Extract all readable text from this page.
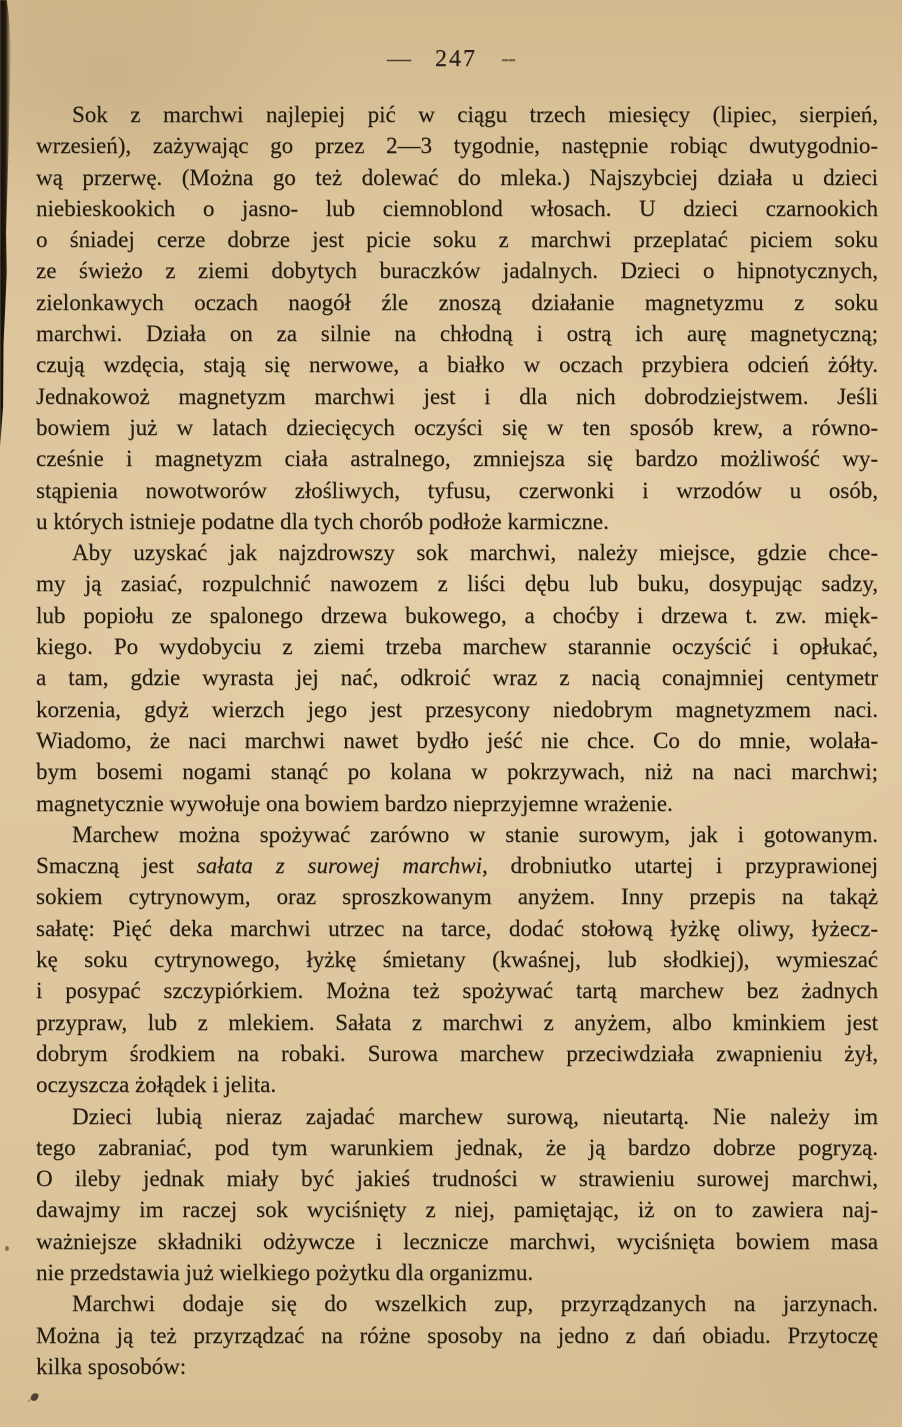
— 247 --
Sok z marchwi najlepiej pić w ciągu trzech miesięcy (lipiec, sierpień,
wrzesień), zażywając go przez 2—3 tygodnie, następnie robiąc dwutygodnio-
wą przerwę. (Można go też dolewać do mleka.) Najszybciej działa u dzieci
niebieskookich o jasno- lub ciemnoblond włosach. U dzieci czarnookich
o śniadej cerze dobrze jest picie soku z marchwi przeplatać piciem soku
ze świeżo z ziemi dobytych buraczków jadalnych. Dzieci o hipnotycznych,
zielonkawych oczach naogół źle znoszą działanie magnetyzmu z soku
marchwi. Działa on za silnie na chłodną i ostrą ich aurę magnetyczną;
czują wzdęcia, stają się nerwowe, a białko w oczach przybiera odcień żółty.
Jednakowoż magnetyzm marchwi jest i dla nich dobrodziejstwem. Jeśli
bowiem już w latach dziecięcych oczyści się w ten sposób krew, a równo-
cześnie i magnetyzm ciała astralnego, zmniejsza się bardzo możliwość wy-
stąpienia nowotworów złośliwych, tyfusu, czerwonki i wrzodów u osób,
u których istnieje podatne dla tych chorób podłoże karmiczne.
Aby uzyskać jak najzdrowszy sok marchwi, należy miejsce, gdzie chce-
my ją zasiać, rozpulchnić nawozem z liści dębu lub buku, dosypując sadzy,
lub popiołu ze spalonego drzewa bukowego, a choćby i drzewa t. zw. mięk-
kiego. Po wydobyciu z ziemi trzeba marchew starannie oczyścić i opłukać,
a tam, gdzie wyrasta jej nać, odkroić wraz z nacią conajmniej centymetr
korzenia, gdyż wierzch jego jest przesycony niedobrym magnetyzmem naci.
Wiadomo, że naci marchwi nawet bydło jeść nie chce. Co do mnie, wolała-
bym bosemi nogami stanąć po kolana w pokrzywach, niż na naci marchwi;
magnetycznie wywołuje ona bowiem bardzo nieprzyjemne wrażenie.
Marchew można spożywać zarówno w stanie surowym, jak i gotowanym.
Smaczną jest sałata z surowej marchwi, drobniutko utartej i przyprawionej
sokiem cytrynowym, oraz sproszkowanym anyżem. Inny przepis na takąż
sałatę: Pięć deka marchwi utrzec na tarce, dodać stołową łyżkę oliwy, łyżecz-
kę soku cytrynowego, łyżkę śmietany (kwaśnej, lub słodkiej), wymieszać
i posypać szczypiórkiem. Można też spożywać tartą marchew bez żadnych
przypraw, lub z mlekiem. Sałata z marchwi z anyżem, albo kminkiem jest
dobrym środkiem na robaki. Surowa marchew przeciwdziała zwapnieniu żył,
oczyszcza żołądek i jelita.
Dzieci lubią nieraz zajadać marchew surową, nieutartą. Nie należy im
tego zabraniać, pod tym warunkiem jednak, że ją bardzo dobrze pogryzą.
O ileby jednak miały być jakieś trudności w strawieniu surowej marchwi,
dawajmy im raczej sok wyciśnięty z niej, pamiętając, iż on to zawiera naj-
ważniejsze składniki odżywcze i lecznicze marchwi, wyciśnięta bowiem masa
nie przedstawia już wielkiego pożytku dla organizmu.
Marchwi dodaje się do wszelkich zup, przyrządzanych na jarzynach.
Można ją też przyrządzać na różne sposoby na jedno z dań obiadu. Przytoczę
kilka sposobów:
